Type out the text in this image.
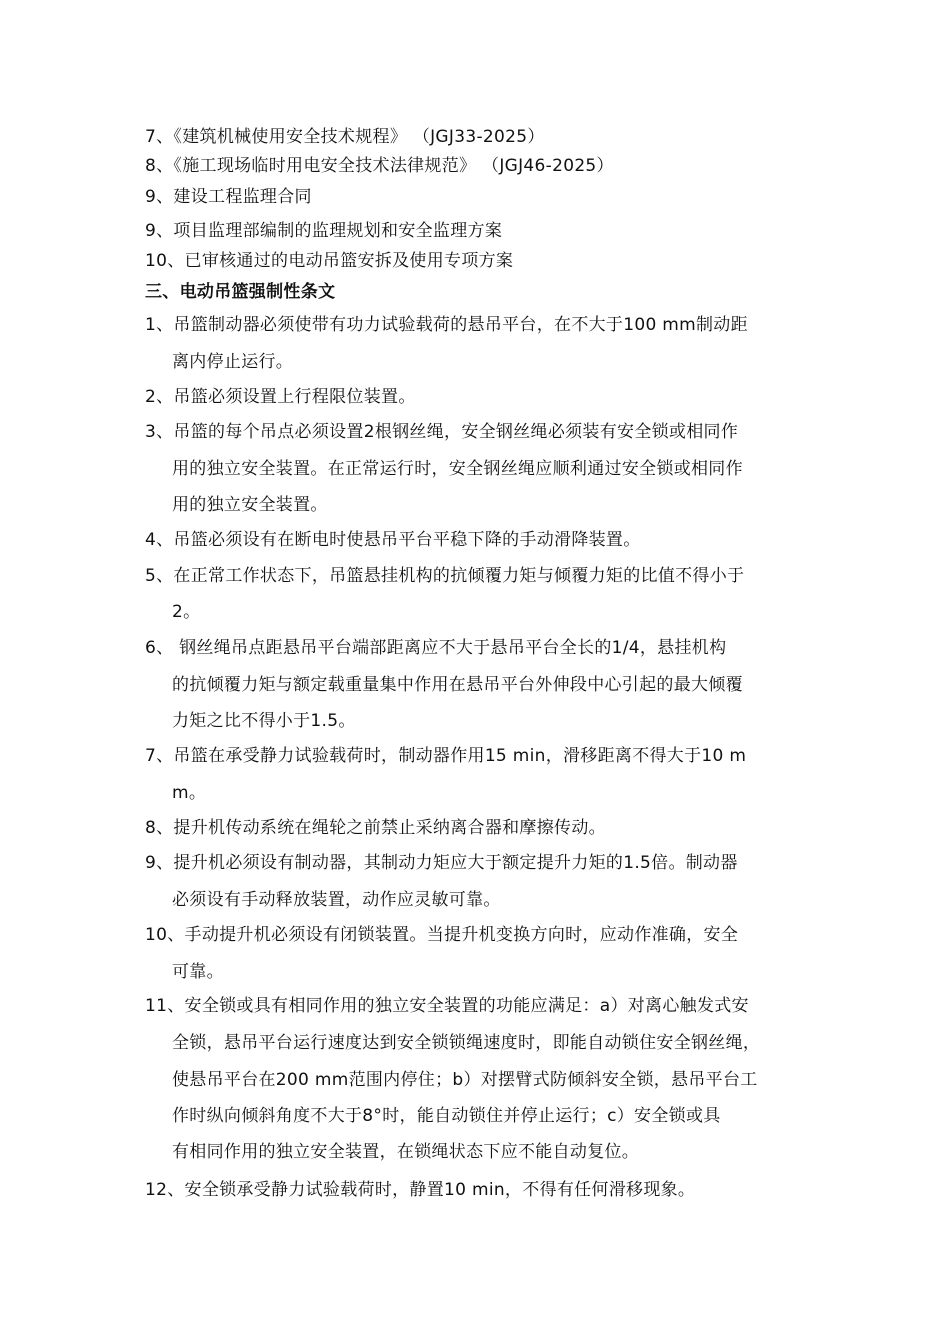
7、《建筑机械使用安全技术规程》 （JGJ33-2025）
8、《施工现场临时用电安全技术法律规范》 （JGJ46-2025）
9、建设工程监理合同
9、项目监理部编制的监理规划和安全监理方案
10、已审核通过的电动吊篮安拆及使用专项方案
三、电动吊篮强制性条文
1、吊篮制动器必须使带有功力试验载荷的悬吊平台，在不大于100 mm制动距
离内停止运行。
2、吊篮必须设置上行程限位装置。
3、吊篮的每个吊点必须设置2根钢丝绳，安全钢丝绳必须装有安全锁或相同作
用的独立安全装置。在正常运行时，安全钢丝绳应顺利通过安全锁或相同作
用的独立安全装置。
4、吊篮必须设有在断电时使悬吊平台平稳下降的手动滑降装置。
5、在正常工作状态下，吊篮悬挂机构的抗倾覆力矩与倾覆力矩的比值不得小于
2。
6、 钢丝绳吊点距悬吊平台端部距离应不大于悬吊平台全长的1/4，悬挂机构
的抗倾覆力矩与额定载重量集中作用在悬吊平台外伸段中心引起的最大倾覆
力矩之比不得小于1.5。
7、吊篮在承受静力试验载荷时，制动器作用15 min，滑移距离不得大于10 m
m。
8、提升机传动系统在绳轮之前禁止采纳离合器和摩擦传动。
9、提升机必须设有制动器，其制动力矩应大于额定提升力矩的1.5倍。制动器
必须设有手动释放装置，动作应灵敏可靠。
10、手动提升机必须设有闭锁装置。当提升机变换方向时，应动作准确，安全
可靠。
11、安全锁或具有相同作用的独立安全装置的功能应满足：a）对离心触发式安
全锁，悬吊平台运行速度达到安全锁锁绳速度时，即能自动锁住安全钢丝绳，
使悬吊平台在200 mm范围内停住；b）对摆臂式防倾斜安全锁，悬吊平台工
作时纵向倾斜角度不大于8°时，能自动锁住并停止运行；c）安全锁或具
有相同作用的独立安全装置，在锁绳状态下应不能自动复位。
12、安全锁承受静力试验载荷时，静置10 min，不得有任何滑移现象。
